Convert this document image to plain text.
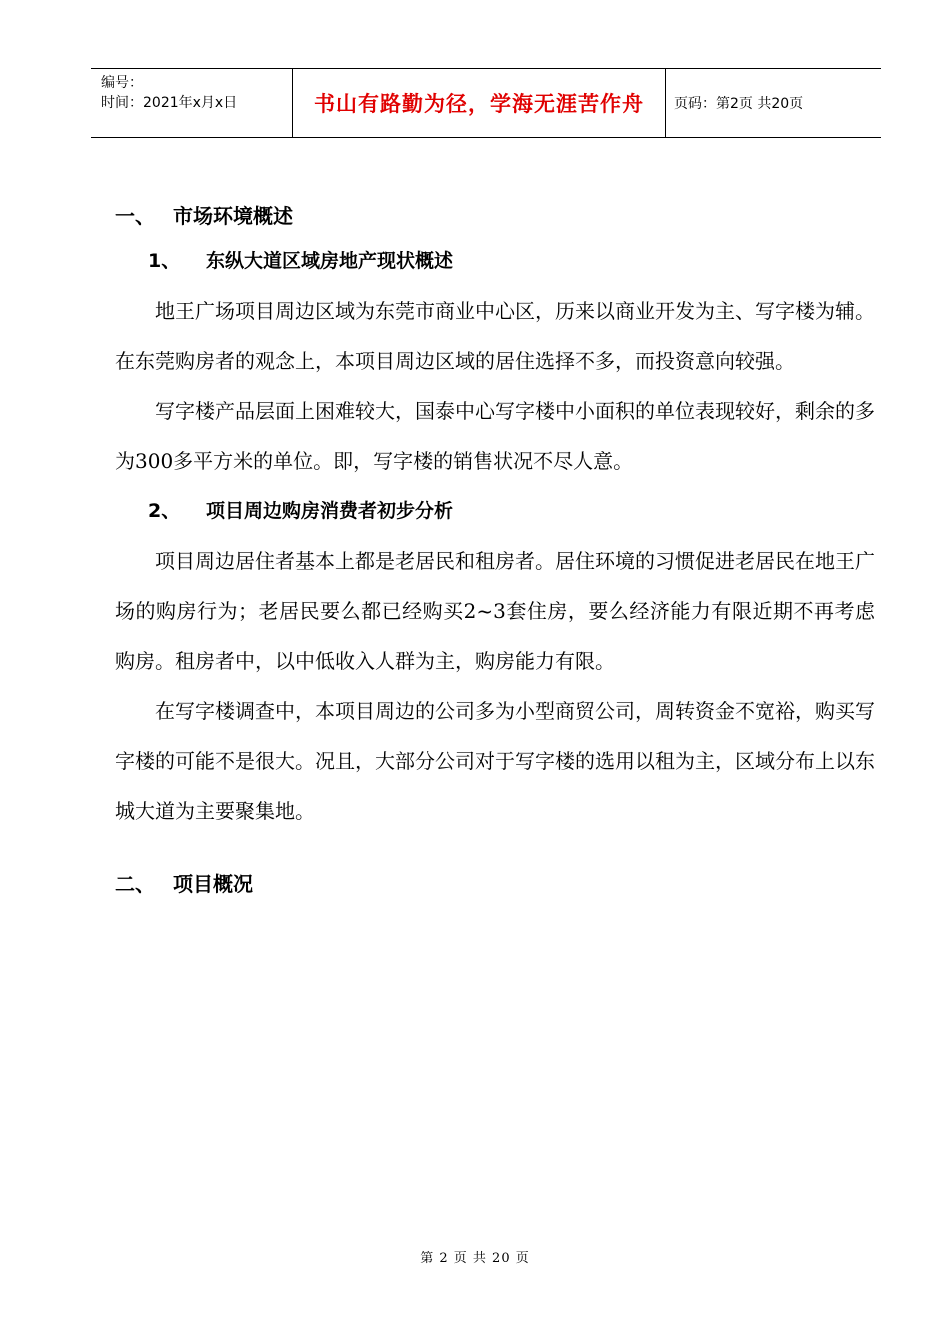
编号：
时间：2021年x月x日	书山有路勤为径，学海无涯苦作舟	页码：第2页 共20页
一、 市场环境概述
1、	东纵大道区域房地产现状概述

地王广场项目周边区域为东莞市商业中心区，历来以商业开发为主、写字楼为辅。在东莞购房者的观念上，本项目周边区域的居住选择不多，而投资意向较强。

写字楼产品层面上困难较大，国泰中心写字楼中小面积的单位表现较好，剩余的多为300多平方米的单位。即，写字楼的销售状况不尽人意。

2、	项目周边购房消费者初步分析

项目周边居住者基本上都是老居民和租房者。居住环境的习惯促进老居民在地王广场的购房行为；老居民要么都已经购买2~3套住房，要么经济能力有限近期不再考虑购房。租房者中，以中低收入人群为主，购房能力有限。

在写字楼调查中，本项目周边的公司多为小型商贸公司，周转资金不宽裕，购买写字楼的可能不是很大。况且，大部分公司对于写字楼的选用以租为主，区域分布上以东城大道为主要聚集地。

二、 项目概况
第 2 页 共 20 页
